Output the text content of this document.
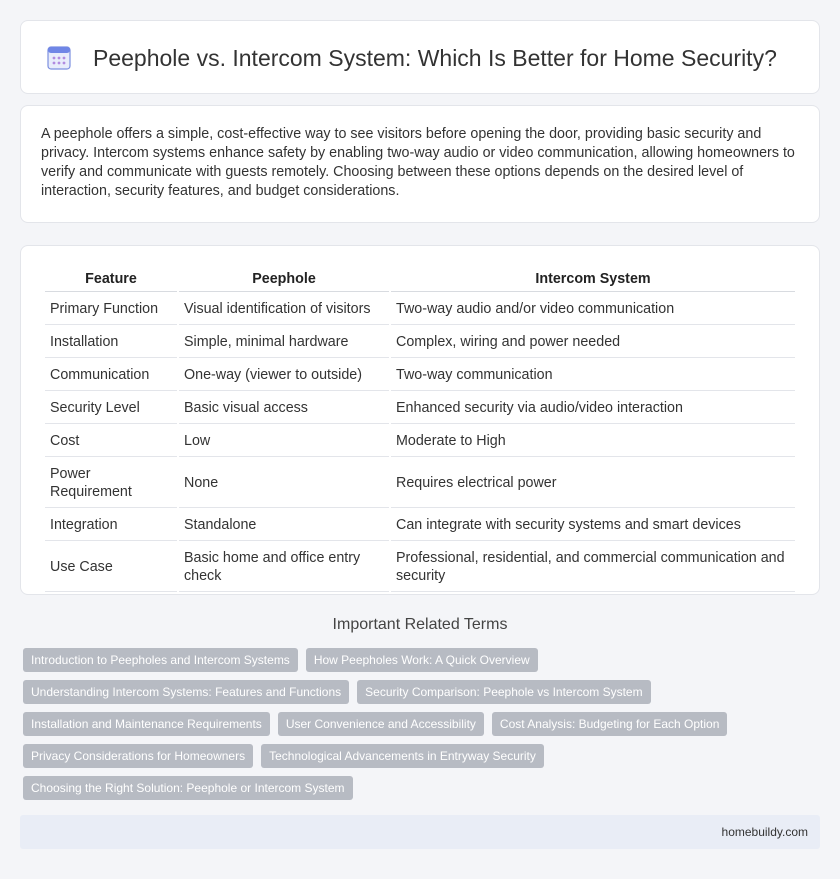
Peephole vs. Intercom System: Which Is Better for Home Security?

A peephole offers a simple, cost-effective way to see visitors before opening the door, providing basic security and privacy. Intercom systems enhance safety by enabling two-way audio or video communication, allowing homeowners to verify and communicate with guests remotely. Choosing between these options depends on the desired level of interaction, security features, and budget considerations.

Feature	Peephole	Intercom System
Primary Function	Visual identification of visitors	Two-way audio and/or video communication
Installation	Simple, minimal hardware	Complex, wiring and power needed
Communication	One-way (viewer to outside)	Two-way communication
Security Level	Basic visual access	Enhanced security via audio/video interaction
Cost	Low	Moderate to High
Power Requirement	None	Requires electrical power
Integration	Standalone	Can integrate with security systems and smart devices
Use Case	Basic home and office entry check	Professional, residential, and commercial communication and security
Important Related Terms
Introduction to Peepholes and Intercom Systems	How Peepholes Work: A Quick Overview
Understanding Intercom Systems: Features and Functions	Security Comparison: Peephole vs Intercom System
Installation and Maintenance Requirements	User Convenience and Accessibility	Cost Analysis: Budgeting for Each Option
Privacy Considerations for Homeowners	Technological Advancements in Entryway Security
Choosing the Right Solution: Peephole or Intercom System
homebuildy.com
